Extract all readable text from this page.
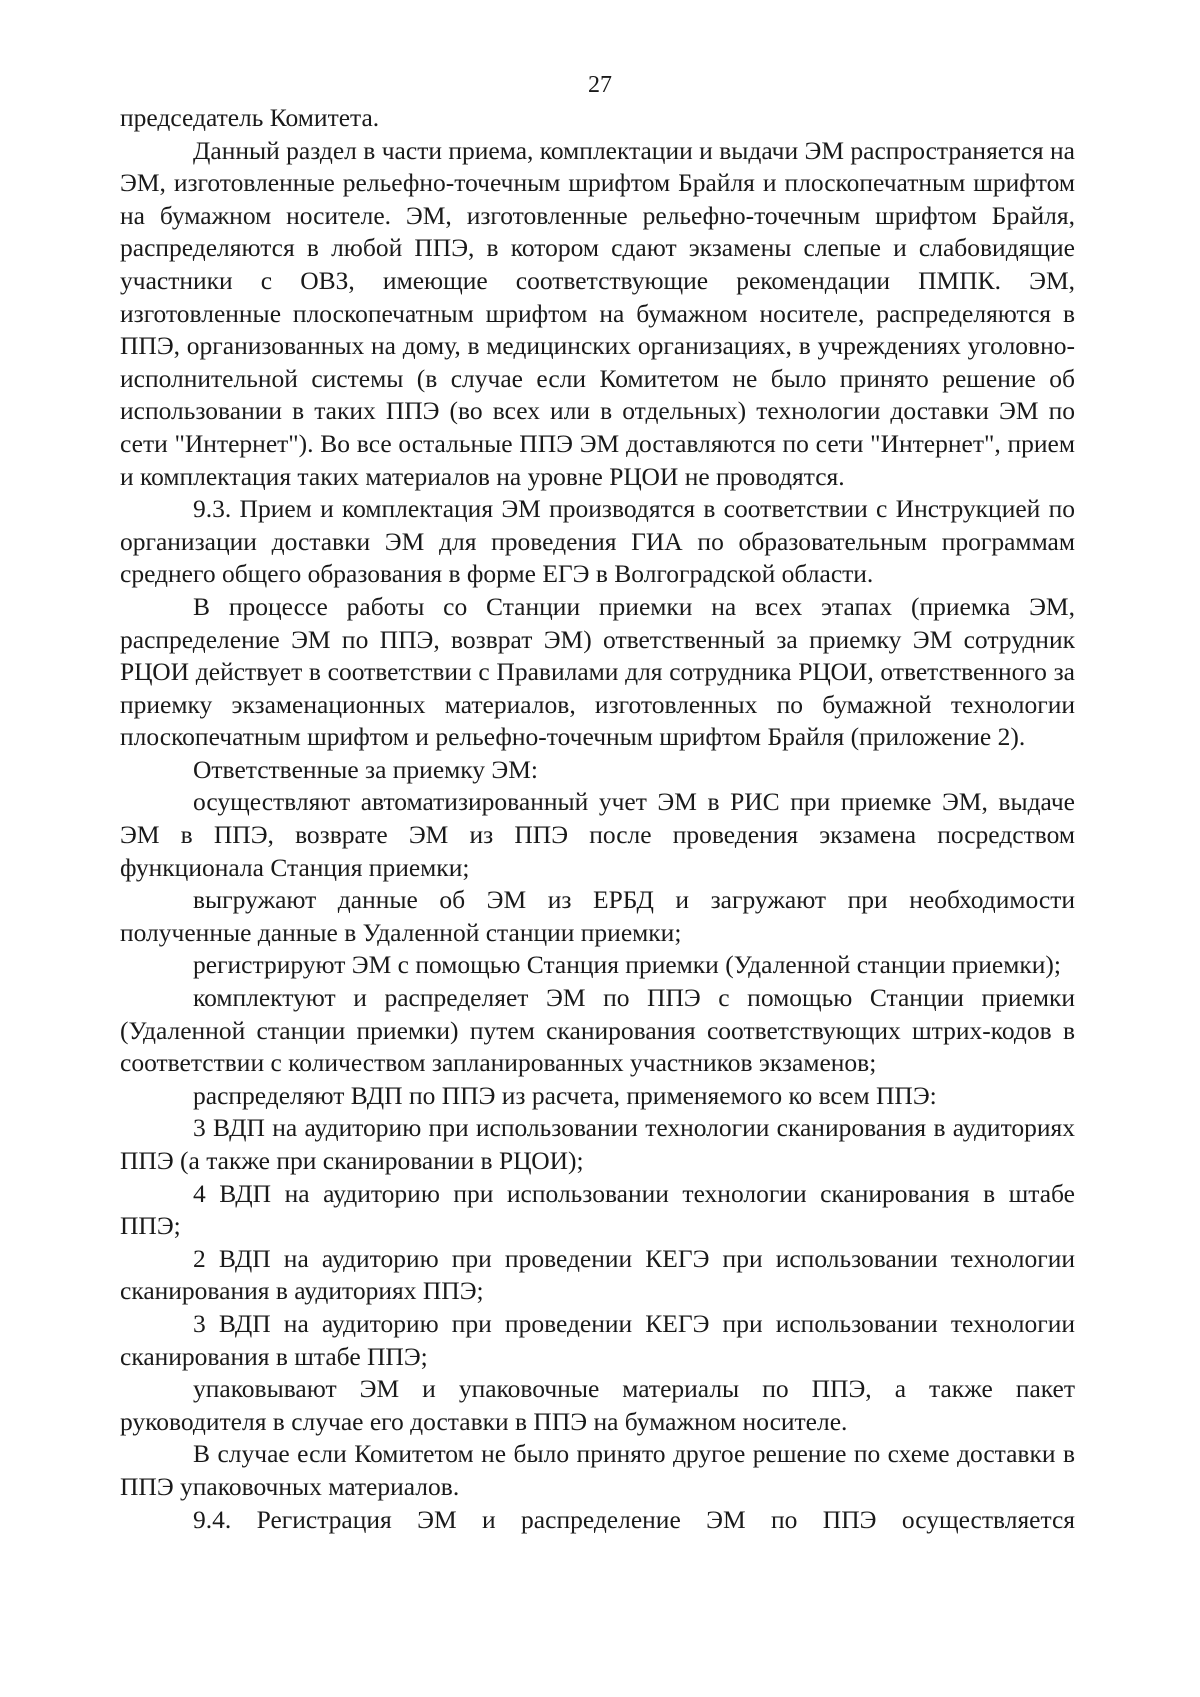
27

председатель Комитета.

Данный раздел в части приема, комплектации и выдачи ЭМ распространяется на ЭМ, изготовленные рельефно-точечным шрифтом Брайля и плоскопечатным шрифтом на бумажном носителе. ЭМ, изготовленные рельефно-точечным шрифтом Брайля, распределяются в любой ППЭ, в котором сдают экзамены слепые и слабовидящие участники с ОВЗ, имеющие соответствующие рекомендации ПМПК. ЭМ, изготовленные плоскопечатным шрифтом на бумажном носителе, распределяются в ППЭ, организованных на дому, в медицинских организациях, в учреждениях уголовно-исполнительной системы (в случае если Комитетом не было принято решение об использовании в таких ППЭ (во всех или в отдельных) технологии доставки ЭМ по сети "Интернет"). Во все остальные ППЭ ЭМ доставляются по сети "Интернет", прием и комплектация таких материалов на уровне РЦОИ не проводятся.

9.3. Прием и комплектация ЭМ производятся в соответствии с Инструкцией по организации доставки ЭМ для проведения ГИА по образовательным программам среднего общего образования в форме ЕГЭ в Волгоградской области.

В процессе работы со Станции приемки на всех этапах (приемка ЭМ, распределение ЭМ по ППЭ, возврат ЭМ) ответственный за приемку ЭМ сотрудник РЦОИ действует в соответствии с Правилами для сотрудника РЦОИ, ответственного за приемку экзаменационных материалов, изготовленных по бумажной технологии плоскопечатным шрифтом и рельефно-точечным шрифтом Брайля (приложение 2).

Ответственные за приемку ЭМ:

осуществляют автоматизированный учет ЭМ в РИС при приемке ЭМ, выдаче ЭМ в ППЭ, возврате ЭМ из ППЭ после проведения экзамена посредством функционала Станция приемки;

выгружают данные об ЭМ из ЕРБД и загружают при необходимости полученные данные в Удаленной станции приемки;

регистрируют ЭМ с помощью Станция приемки (Удаленной станции приемки);

комплектуют и распределяет ЭМ по ППЭ с помощью Станции приемки (Удаленной станции приемки) путем сканирования соответствующих штрих-кодов в соответствии с количеством запланированных участников экзаменов;

распределяют ВДП по ППЭ из расчета, применяемого ко всем ППЭ:

3 ВДП на аудиторию при использовании технологии сканирования в аудиториях ППЭ (а также при сканировании в РЦОИ);

4 ВДП на аудиторию при использовании технологии сканирования в штабе ППЭ;

2 ВДП на аудиторию при проведении КЕГЭ при использовании технологии сканирования в аудиториях ППЭ;

3 ВДП на аудиторию при проведении КЕГЭ при использовании технологии сканирования в штабе ППЭ;

упаковывают ЭМ и упаковочные материалы по ППЭ, а также пакет руководителя в случае его доставки в ППЭ на бумажном носителе.

В случае если Комитетом не было принято другое решение по схеме доставки в ППЭ упаковочных материалов.

9.4. Регистрация ЭМ и распределение ЭМ по ППЭ осуществляется
